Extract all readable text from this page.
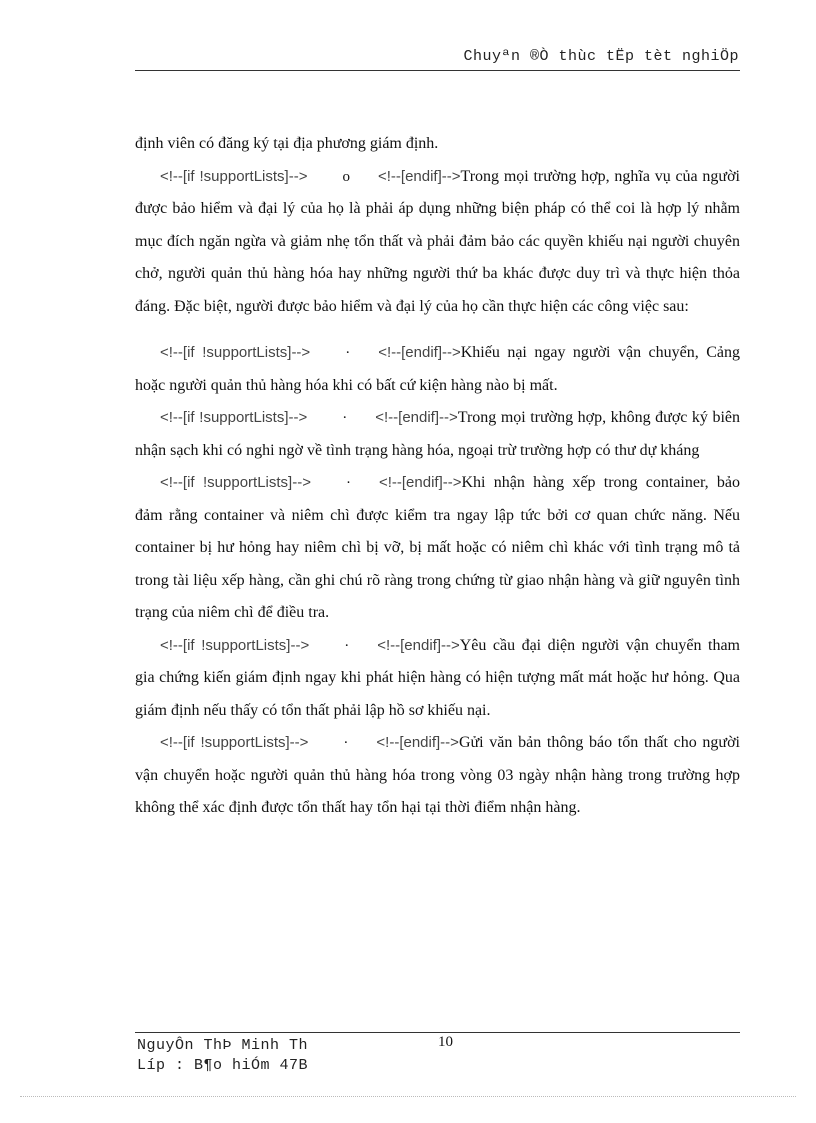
Chuyªn ®Ò thùc tËp tèt nghiÖp

định viên có đăng ký tại địa phương giám định.

<!--[if !supportLists]--> o <!--[endif]-->Trong mọi trường hợp, nghĩa vụ của người được bảo hiểm và đại lý của họ là phải áp dụng những biện pháp có thể coi là hợp lý nhằm mục đích ngăn ngừa và giảm nhẹ tổn thất và phải đảm bảo các quyền khiếu nại người chuyên chở, người quản thủ hàng hóa hay những người thứ ba khác được duy trì và thực hiện thỏa đáng. Đặc biệt, người được bảo hiểm và đại lý của họ cần thực hiện các công việc sau:

<!--[if !supportLists]--> · <!--[endif]-->Khiếu nại ngay người vận chuyển, Cảng hoặc người quản thủ hàng hóa khi có bất cứ kiện hàng nào bị mất.

<!--[if !supportLists]--> · <!--[endif]-->Trong mọi trường hợp, không được ký biên nhận sạch khi có nghi ngờ về tình trạng hàng hóa, ngoại trừ trường hợp có thư dự kháng

<!--[if !supportLists]--> · <!--[endif]-->Khi nhận hàng xếp trong container, bảo đảm rằng container và niêm chì được kiểm tra ngay lập tức bởi cơ quan chức năng. Nếu container bị hư hỏng hay niêm chì bị vỡ, bị mất hoặc có niêm chì khác với tình trạng mô tả trong tài liệu xếp hàng, cần ghi chú rõ ràng trong chứng từ giao nhận hàng và giữ nguyên tình trạng của niêm chì để điều tra.

<!--[if !supportLists]--> · <!--[endif]-->Yêu cầu đại diện người vận chuyển tham gia chứng kiến giám định ngay khi phát hiện hàng có hiện tượng mất mát hoặc hư hỏng. Qua giám định nếu thấy có tổn thất phải lập hồ sơ khiếu nại.

<!--[if !supportLists]--> · <!--[endif]-->Gửi văn bản thông báo tổn thất cho người vận chuyển hoặc người quản thủ hàng hóa trong vòng 03 ngày nhận hàng trong trường hợp không thể xác định được tổn thất hay tổn hại tại thời điểm nhận hàng.

NguyÔn ThÞ Minh Th
Líp : B¶o hiÓm 47B
10
